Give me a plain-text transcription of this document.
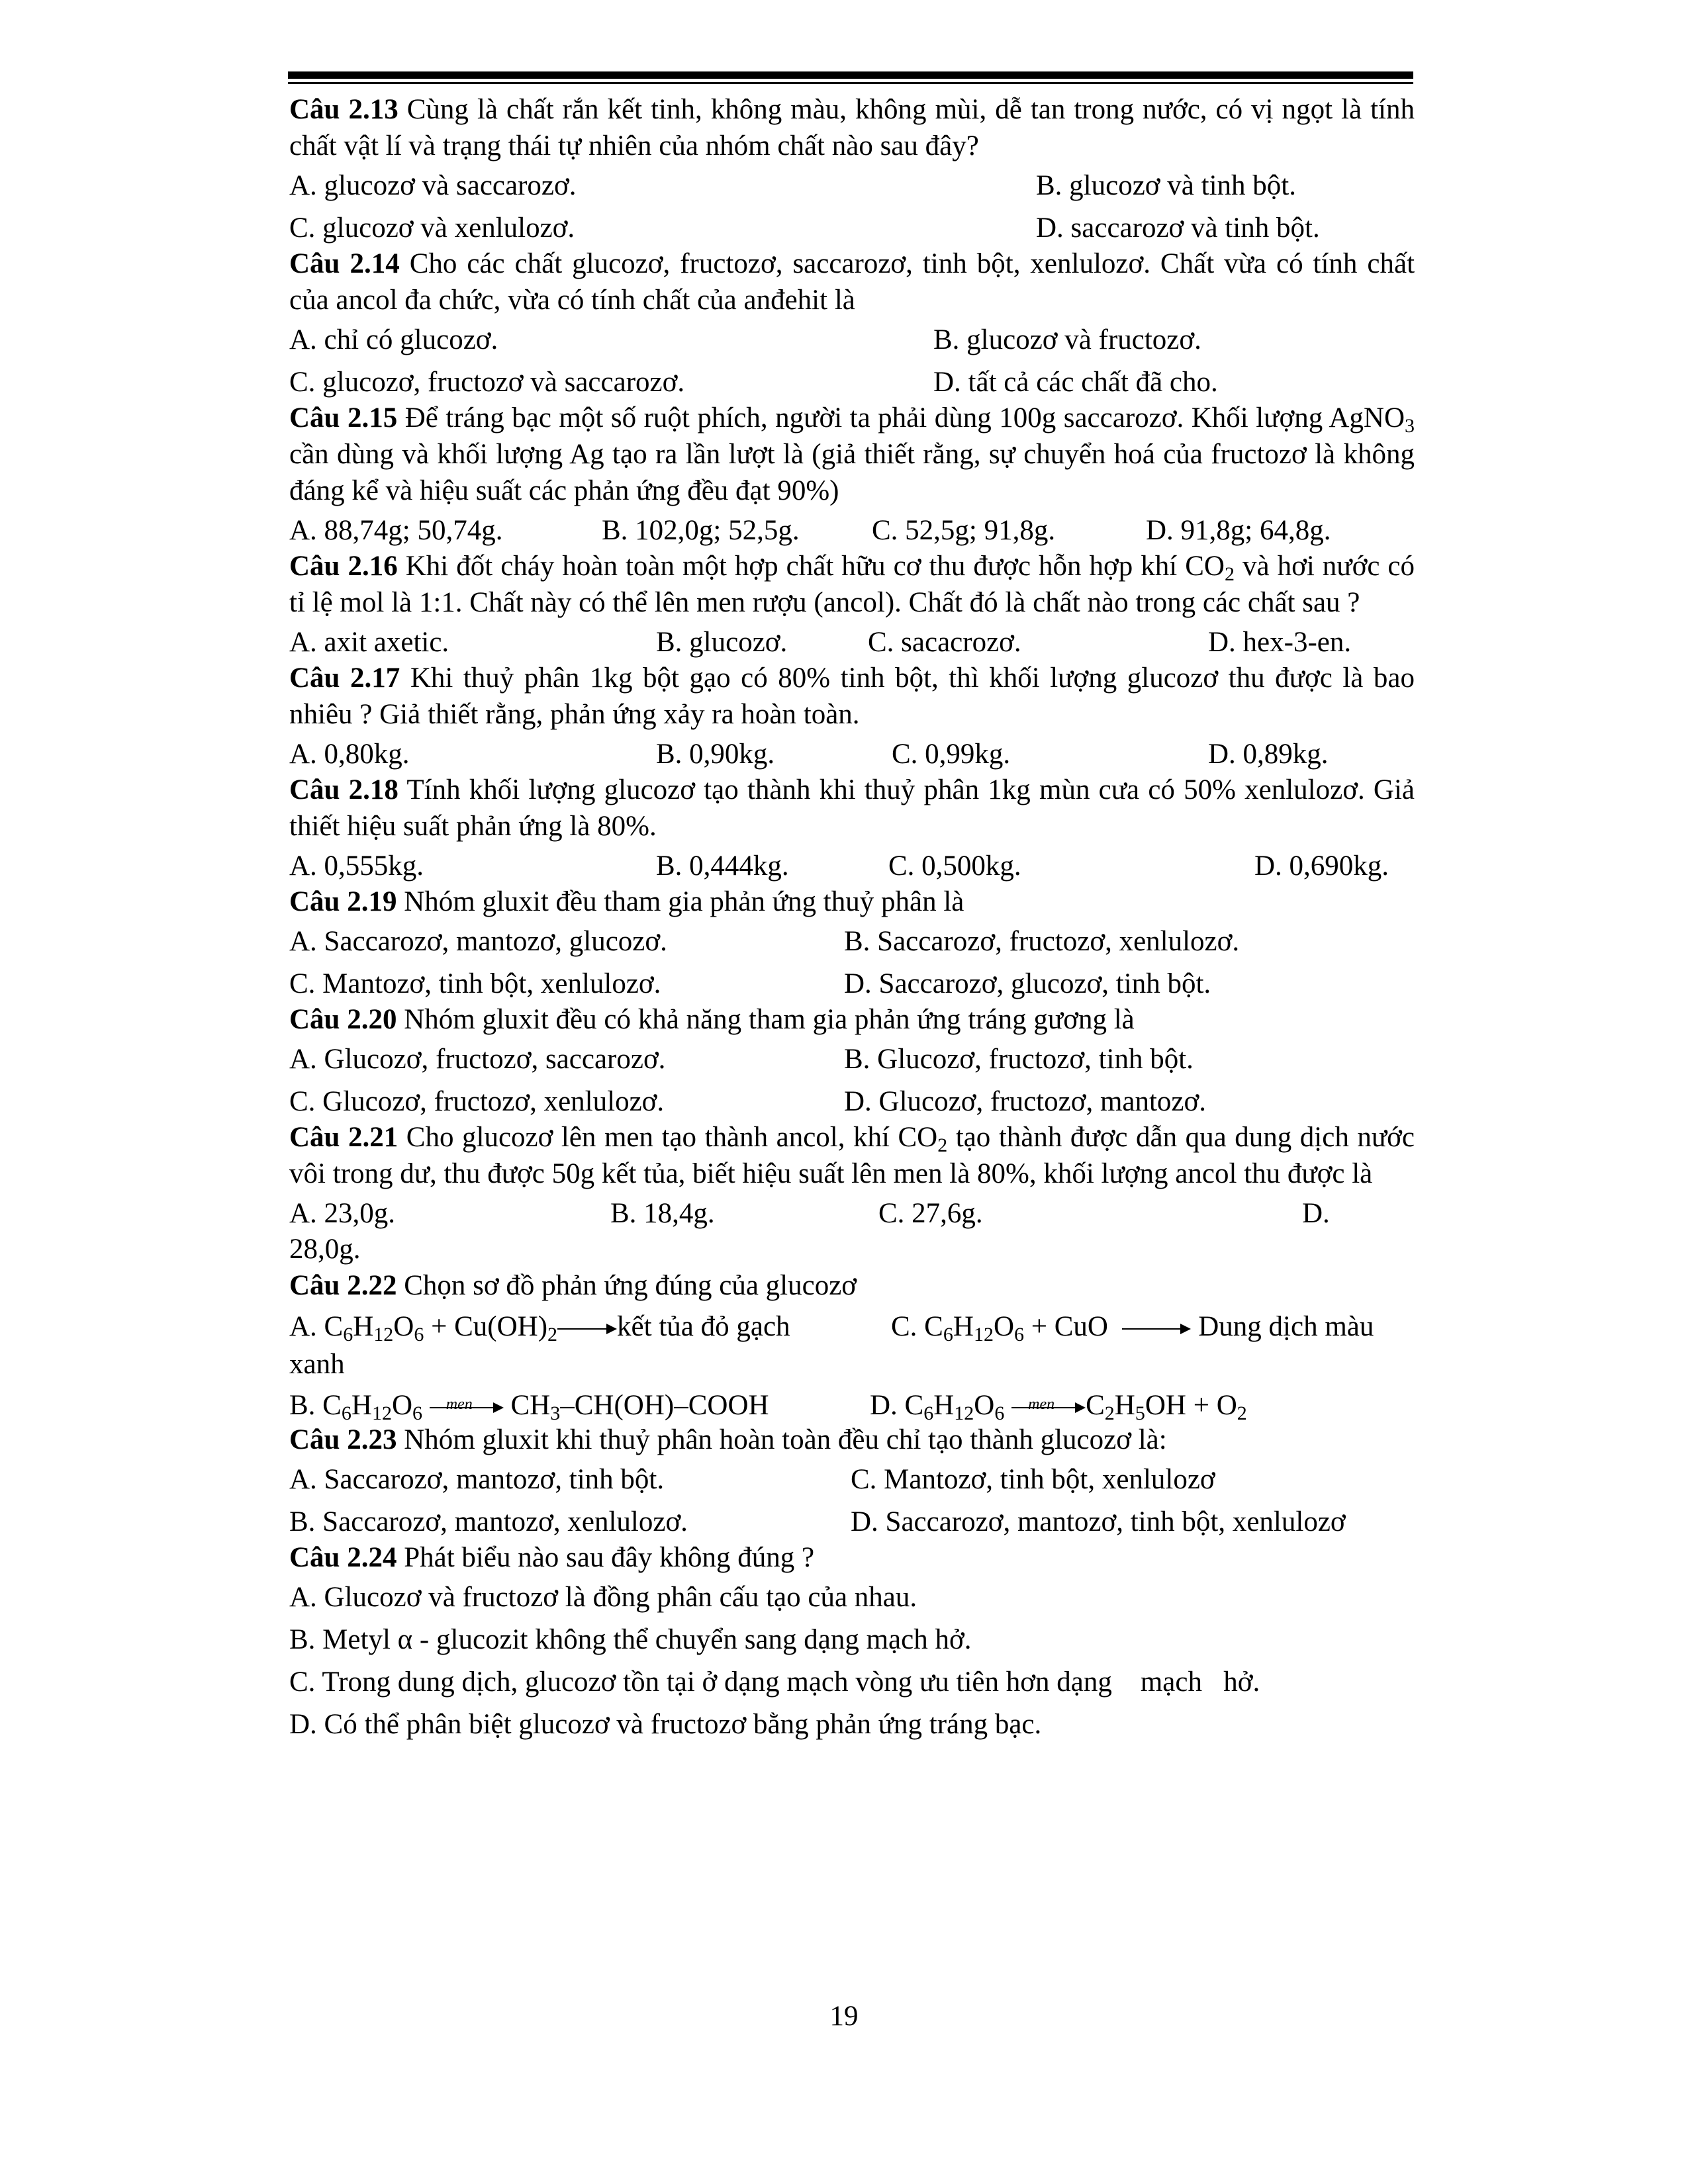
Câu 2.13 Cùng là chất rắn kết tinh, không màu, không mùi, dễ tan trong nước, có vị ngọt là tính chất vật lí và trạng thái tự nhiên của nhóm chất nào sau đây?

A. glucozơ và saccarozơ.	B. glucozơ và tinh bột.
C. glucozơ và xenlulozơ.	D. saccarozơ và tinh bột.

Câu 2.14 Cho các chất glucozơ, fructozơ, saccarozơ, tinh bột, xenlulozơ. Chất vừa có tính chất của ancol đa chức, vừa có tính chất của anđehit là

A. chỉ có glucozơ.	B. glucozơ và fructozơ.
C. glucozơ, fructozơ và saccarozơ.	D. tất cả các chất đã cho.

Câu 2.15 Để tráng bạc một số ruột phích, người ta phải dùng 100g saccarozơ. Khối lượng AgNO$_3$ cần dùng và khối lượng Ag tạo ra lần lượt là (giả thiết rằng, sự chuyển hoá của fructozơ là không đáng kể và hiệu suất các phản ứng đều đạt 90%)

A. 88,74g; 50,74g.	B. 102,0g; 52,5g.	C. 52,5g; 91,8g.	D. 91,8g; 64,8g.

Câu 2.16 Khi đốt cháy hoàn toàn một hợp chất hữu cơ thu được hỗn hợp khí $CO_2$ và hơi nước có tỉ lệ mol là 1:1. Chất này có thể lên men rượu (ancol). Chất đó là chất nào trong các chất sau ?

A. axit axetic.	B. glucozơ.	C. sacacrozơ.	D. hex-3-en.

Câu 2.17 Khi thuỷ phân 1kg bột gạo có 80% tinh bột, thì khối lượng glucozơ thu được là bao nhiêu ? Giả thiết rằng, phản ứng xảy ra hoàn toàn.

A. 0,80kg.	B. 0,90kg.	C. 0,99kg.	D. 0,89kg.

Câu 2.18 Tính khối lượng glucozơ tạo thành khi thuỷ phân 1kg mùn cưa có 50% xenlulozơ. Giả thiết hiệu suất phản ứng là 80%.

A. 0,555kg.	B. 0,444kg.	C. 0,500kg.	D. 0,690kg.

Câu 2.19 Nhóm gluxit đều tham gia phản ứng thuỷ phân là

A. Saccarozơ, mantozơ, glucozơ.	B. Saccarozơ, fructozơ, xenlulozơ.
C. Mantozơ, tinh bột, xenlulozơ.	D. Saccarozơ, glucozơ, tinh bột.

Câu 2.20 Nhóm gluxit đều có khả năng tham gia phản ứng tráng gương là

A. Glucozơ, fructozơ, saccarozơ.	B. Glucozơ, fructozơ, tinh bột.
C. Glucozơ, fructozơ, xenlulozơ.	D. Glucozơ, fructozơ, mantozơ.

Câu 2.21 Cho glucozơ lên men tạo thành ancol, khí $CO_2$ tạo thành được dẫn qua dung dịch nước vôi trong dư, thu được 50g kết tủa, biết hiệu suất lên men là 80%, khối lượng ancol thu được là

A. 23,0g.	B. 18,4g.	C. 27,6g.	D.
28,0g.

Câu 2.22 Chọn sơ đồ phản ứng đúng của glucozơ

A. $C_6H_{12}O_6 + Cu(OH)_2$ kết tủa đỏ gạch	C. $C_6H_{12}O_6$ + CuO	Dung dịch màu
xanh
B. $C_6H_{12}O_6$ men $CH_3-CH(OH)$–COOH	D. $C_6H_{12}O_6$ men $C_2H_5OH + O_2$

Câu 2.23 Nhóm gluxit khi thuỷ phân hoàn toàn đều chỉ tạo thành glucozơ là:

A. Saccarozơ, mantozơ, tinh bột.	C. Mantozơ, tinh bột, xenlulozơ
B. Saccarozơ, mantozơ, xenlulozơ.	D. Saccarozơ, mantozơ, tinh bột, xenlulozơ

Câu 2.24 Phát biểu nào sau đây không đúng ?

A. Glucozơ và fructozơ là đồng phân cấu tạo của nhau.
B. Metyl α - glucozit không thể chuyển sang dạng mạch hở.
C. Trong dung dịch, glucozơ tồn tại ở dạng mạch vòng ưu tiên hơn dạng    mạch   hở.
D. Có thể phân biệt glucozơ và fructozơ bằng phản ứng tráng bạc.
19
